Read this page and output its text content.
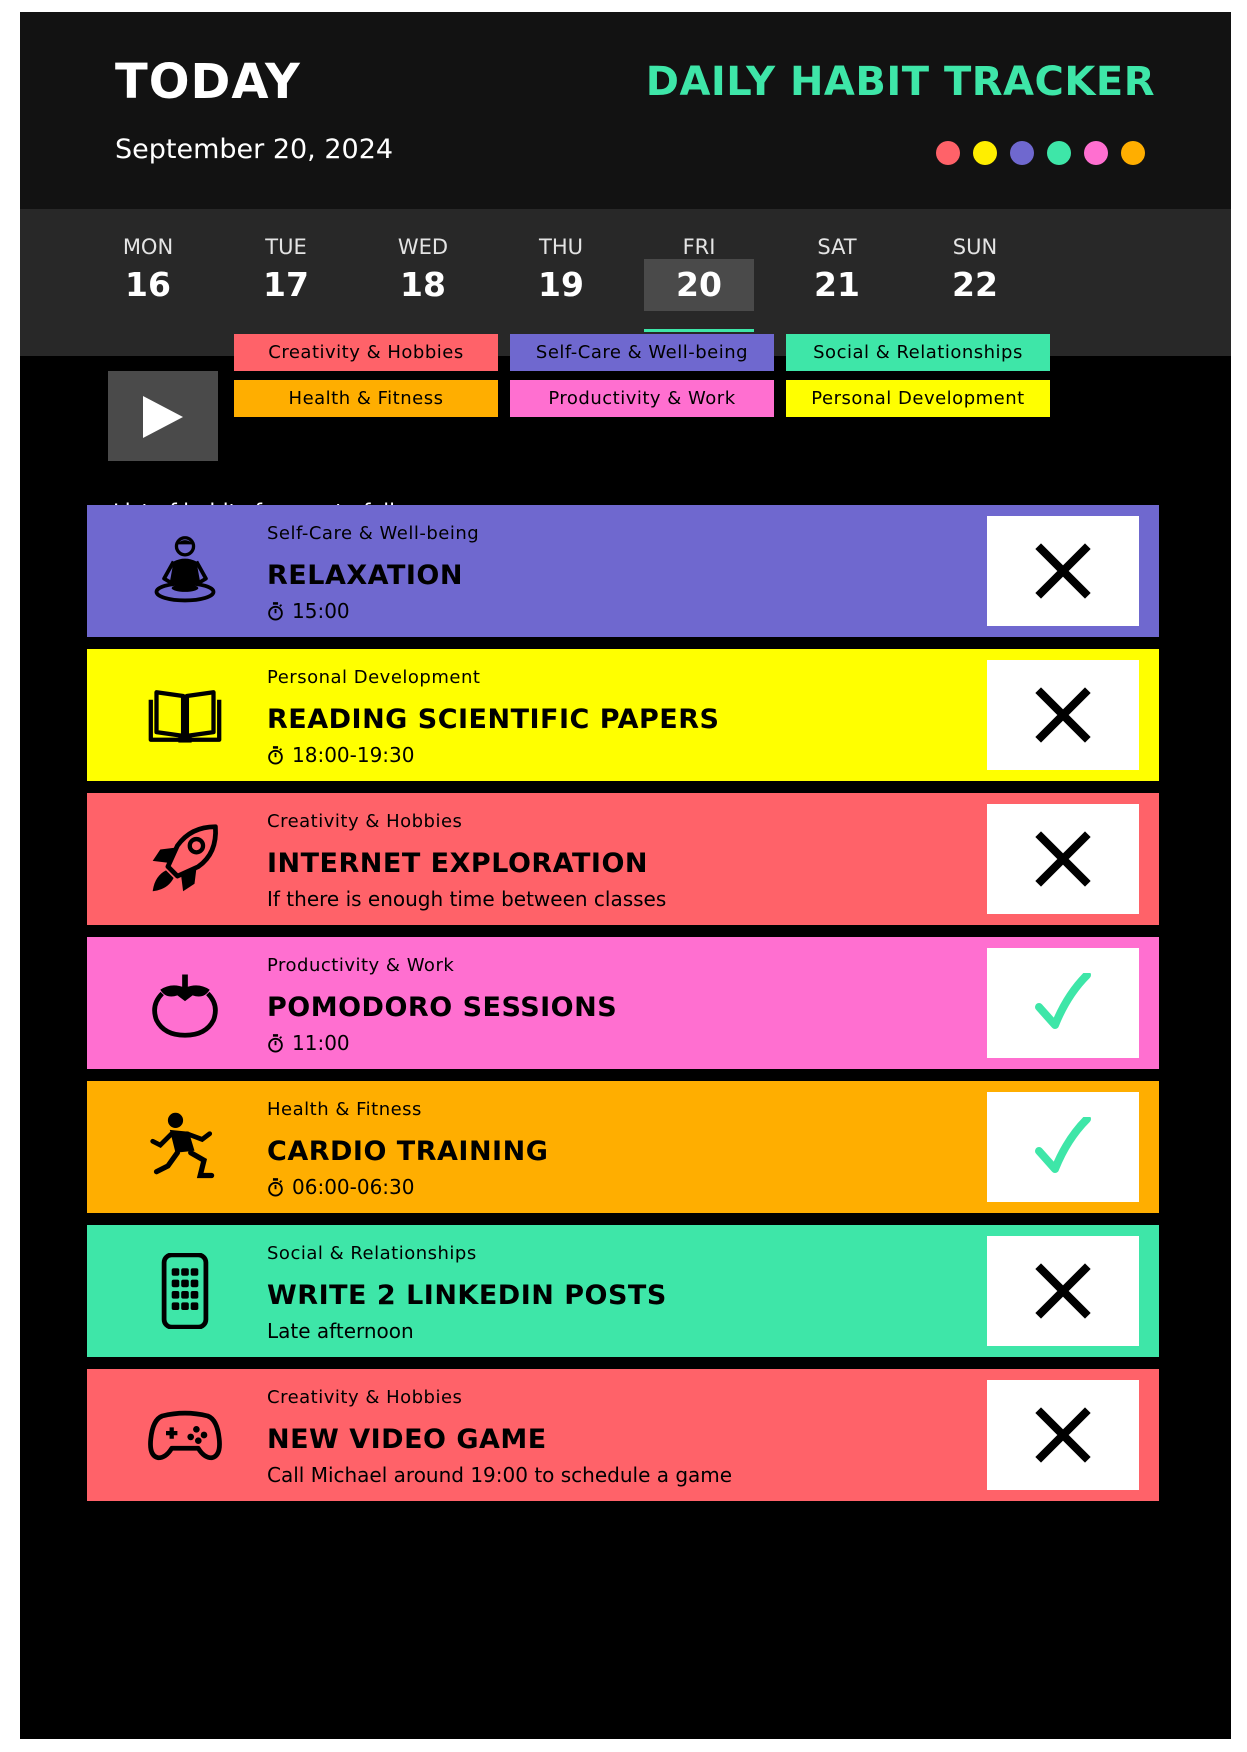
TODAY
September 20, 2024
DAILY HABIT TRACKER
MON
16
TUE
17
WED
18
THU
19
FRI
20
SAT
21
SUN
22
Creativity & Hobbies	Self-Care & Well-being	Social & Relationships
Health & Fitness	Productivity & Work	Personal Development
Self-Care & Well-being
RELAXATION
15:00
Personal Development
READING SCIENTIFIC PAPERS
18:00-19:30
Creativity & Hobbies
INTERNET EXPLORATION
If there is enough time between classes
Productivity & Work
POMODORO SESSIONS
11:00
Health & Fitness
CARDIO TRAINING
06:00-06:30
Social & Relationships
WRITE 2 LINKEDIN POSTS
Late afternoon
Creativity & Hobbies
NEW VIDEO GAME
Call Michael around 19:00 to schedule a game
